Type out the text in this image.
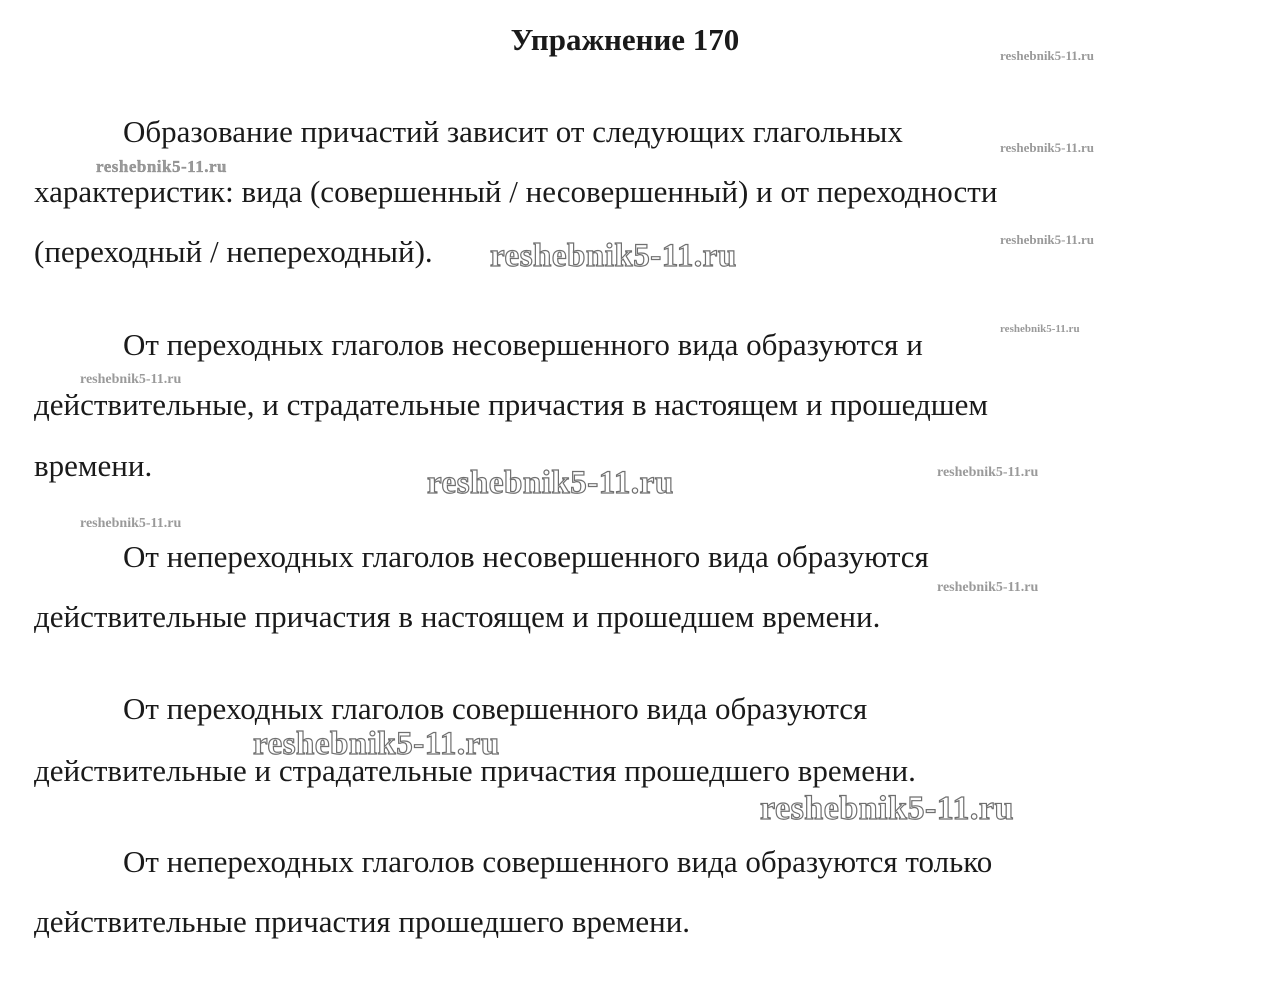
Упражнение 170

Образование причастий зависит от следующих глагольных

характеристик: вида (совершенный / несовершенный) и от переходности

(переходный / непереходный).

От переходных глаголов несовершенного вида образуются и

действительные, и страдательные причастия в настоящем и прошедшем

времени.

От непереходных глаголов несовершенного вида образуются

действительные причастия в настоящем и прошедшем времени.

От переходных глаголов совершенного вида образуются

действительные и страдательные причастия прошедшего времени.

От непереходных глаголов совершенного вида образуются только

действительные причастия прошедшего времени.

reshebnik5-11.ru
reshebnik5-11.ru
reshebnik5-11.ru
reshebnik5-11.ru
reshebnik5-11.ru
reshebnik5-11.ru
reshebnik5-11.ru
reshebnik5-11.ru
reshebnik5-11.ru
reshebnik5-11.ru
reshebnik5-11.ru
reshebnik5-11.ru
reshebnik5-11.ru
